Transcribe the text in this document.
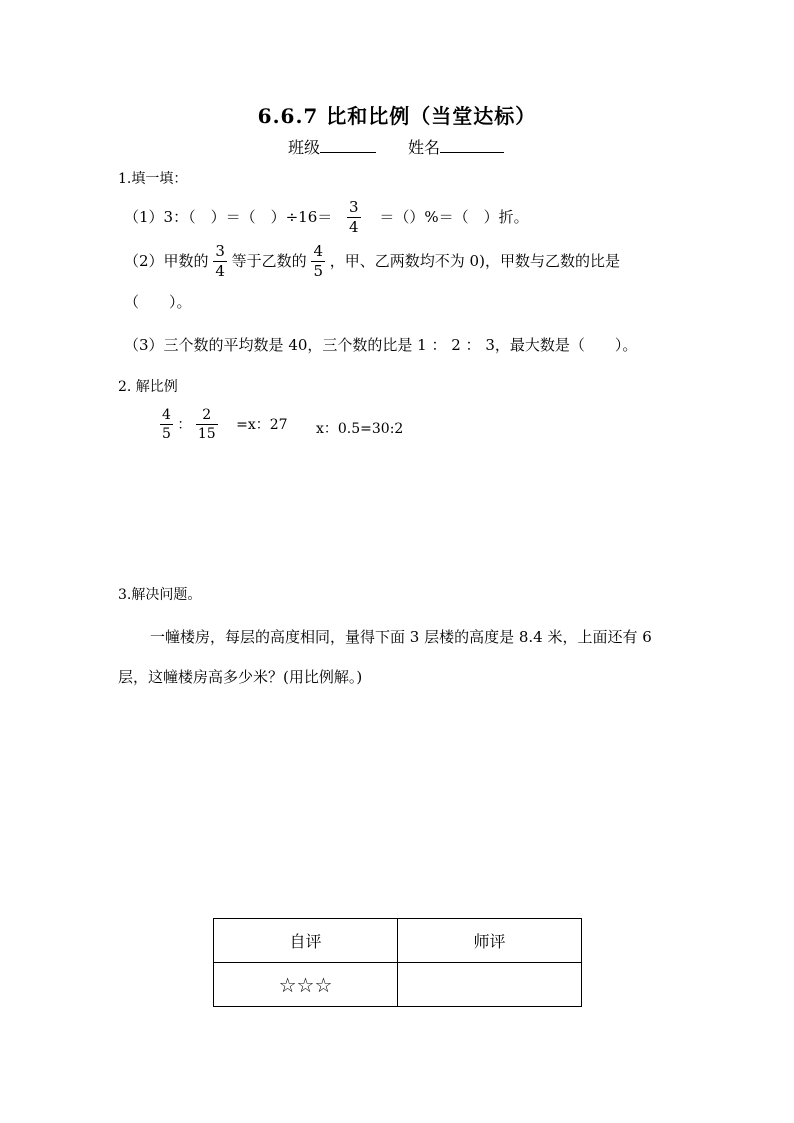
6.6.7 比和比例（当堂达标）
班级	姓名
1.填一填：
（1）3：（　）＝（　）$\div 16= \frac{3}{4}$ ＝（）%＝（　）折。
（2）甲数的 $\frac{3}{4}$ 等于乙数的 $\frac{4}{5}$ ，甲、乙两数均不为 0)，甲数与乙数的比是
（　　）。
（3）三个数的平均数是 40，三个数的比是 1 ： 2 ： 3，最大数是（　　）。
2. 解比例
$\frac{4}{5}$ ： $\frac{2}{15} =x$：27 x：0.5=30:2
3.解决问题。
一幢楼房，每层的高度相同，量得下面 3 层楼的高度是 8.4 米，上面还有 6
层，这幢楼房高多少米？(用比例解。)
自评	师评
☆☆☆	
